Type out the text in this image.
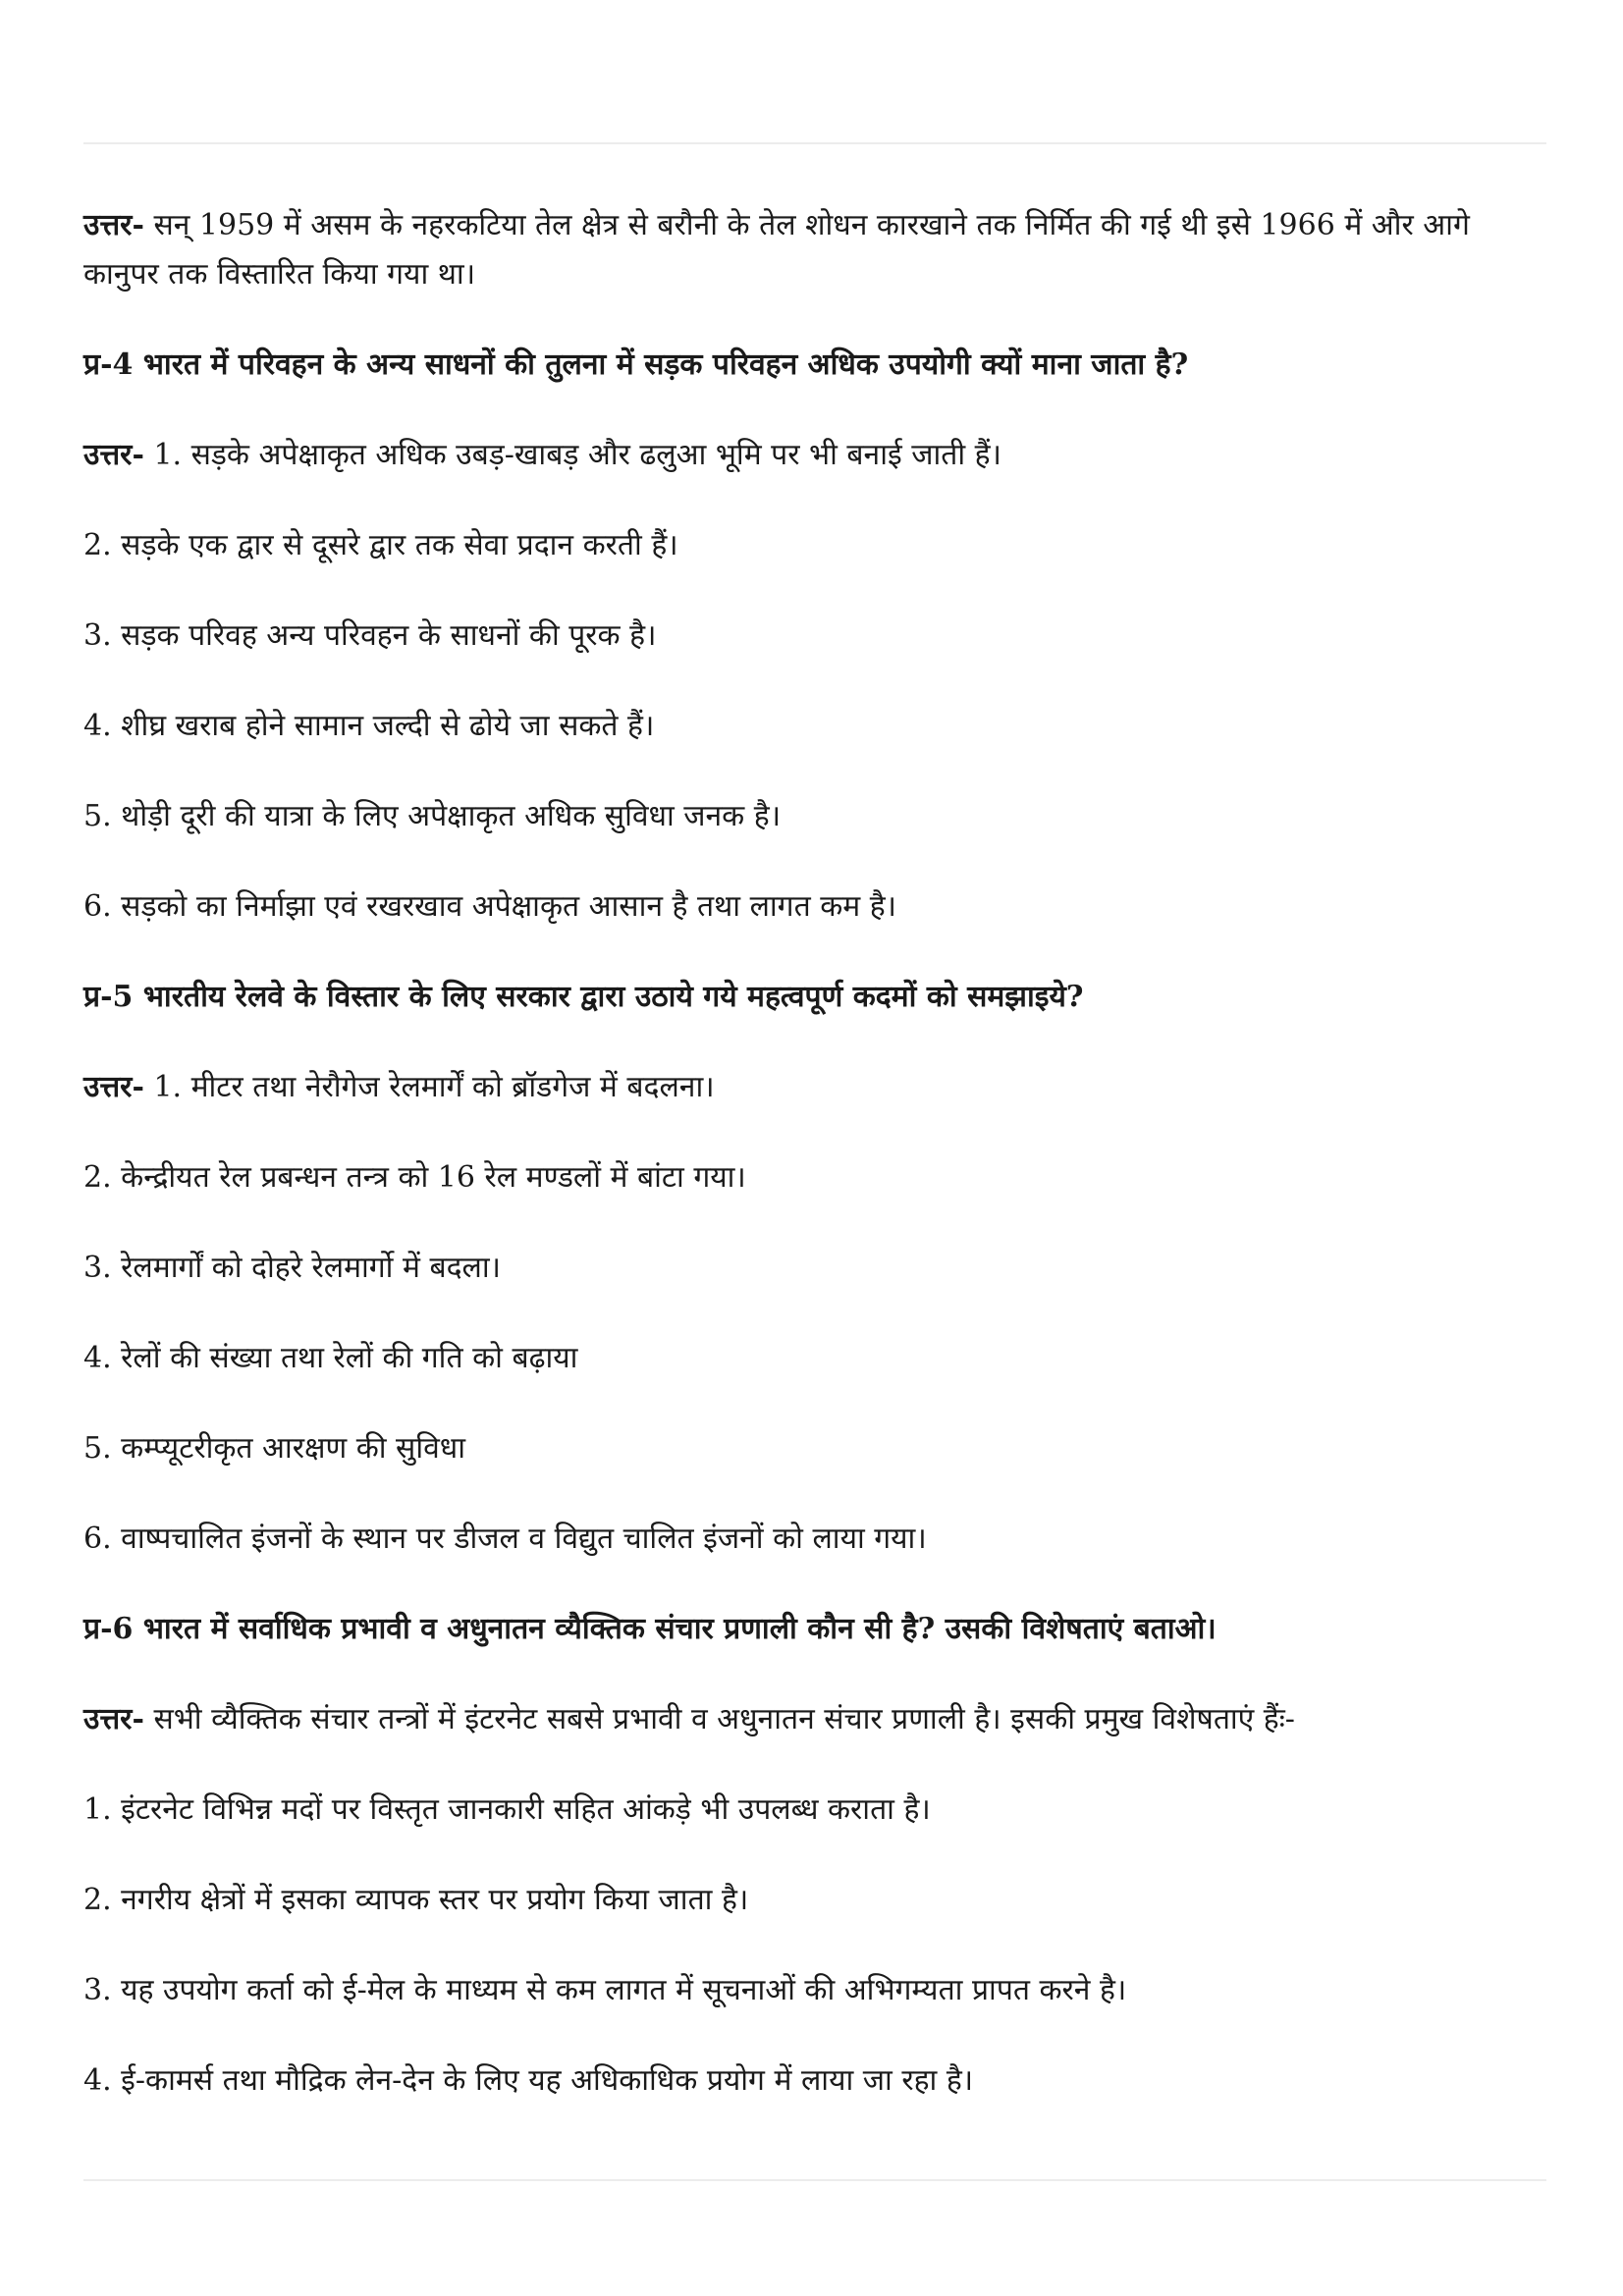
उत्तर- सन् 1959 में असम के नहरकटिया तेल क्षेत्र से बरौनी के तेल शोधन कारखाने तक निर्मित की गई थी इसे 1966 में और आगे कानुपर तक विस्तारित किया गया था।

प्र-4 भारत में परिवहन के अन्य साधनों की तुलना में सड़क परिवहन अधिक उपयोगी क्यों माना जाता है?

उत्तर- 1. सड़के अपेक्षाकृत अधिक उबड़-खाबड़ और ढलुआ भूमि पर भी बनाई जाती हैं।

2. सड़के एक द्वार से दूसरे द्वार तक सेवा प्रदान करती हैं।

3. सड़क परिवह अन्य परिवहन के साधनों की पूरक है।

4. शीघ्र खराब होने सामान जल्दी से ढोये जा सकते हैं।

5. थोड़ी दूरी की यात्रा के लिए अपेक्षाकृत अधिक सुविधा जनक है।

6. सड़को का निर्माझा एवं रखरखाव अपेक्षाकृत आसान है तथा लागत कम है।

प्र-5 भारतीय रेलवे के विस्तार के लिए सरकार द्वारा उठाये गये महत्वपूर्ण कदमों को समझाइये?

उत्तर- 1. मीटर तथा नेरौगेज रेलमार्गें को ब्रॉडगेज में बदलना।

2. केन्द्रीयत रेल प्रबन्धन तन्त्र को 16 रेल मण्डलों में बांटा गया।

3. रेलमार्गों को दोहरे रेलमार्गो में बदला।

4. रेलों की संख्या तथा रेलों की गति को बढ़ाया

5. कम्प्यूटरीकृत आरक्षण की सुविधा

6. वाष्पचालित इंजनों के स्थान पर डीजल व विद्युत चालित इंजनों को लाया गया।

प्र-6 भारत में सर्वाधिक प्रभावी व अधुनातन व्यैक्तिक संचार प्रणाली कौन सी है? उसकी विशेषताएं बताओ।

उत्तर- सभी व्यैक्तिक संचार तन्त्रों में इंटरनेट सबसे प्रभावी व अधुनातन संचार प्रणाली है। इसकी प्रमुख विशेषताएं हैंः-

1. इंटरनेट विभिन्न मदों पर विस्तृत जानकारी सहित आंकड़े भी उपलब्ध कराता है।

2. नगरीय क्षेत्रों में इसका व्यापक स्तर पर प्रयोग किया जाता है।

3. यह उपयोग कर्ता को ई-मेल के माध्यम से कम लागत में सूचनाओं की अभिगम्यता प्रापत करने है।

4. ई-कामर्स तथा मौद्रिक लेन-देन के लिए यह अधिकाधिक प्रयोग में लाया जा रहा है।
